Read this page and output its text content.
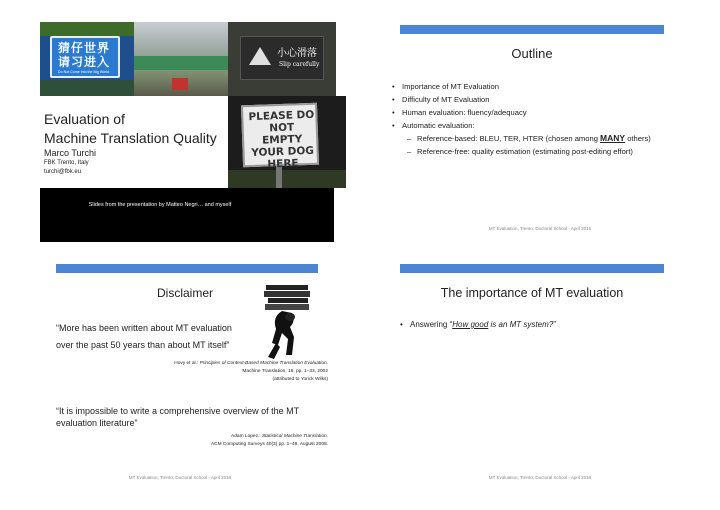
猜仔世界
请习进入
Do Not Come into the Big World
小心滑落
Slip carefully
PLEASE DO
NOT EMPTY
YOUR DOG
HERE
Evaluation of
Machine Translation Quality
Marco Turchi
FBK Trento, Italy
turchi@fbk.eu
Slides from the presentation by Matteo Negri… and myself
Outline
• Importance of MT Evaluation
• Difficulty of MT Evaluation
• Human evaluation: fluency/adequacy
• Automatic evaluation:
– Reference-based: BLEU, TER, HTER (chosen among MANY others)
– Reference-free: quality estimation (estimating post-editing effort)
MT Evaluation, Trento, Doctoral School - April 2016
Disclaimer
“More has been written about MT evaluation
over the past 50 years than about MT itself”
Hovy et al.: Principles of Context-Based Machine Translation Evaluation.
Machine Translation, 16, pp. 1–33, 2002
(attributed to Yorick Wilks)
“It is impossible to write a comprehensive overview of the MT evaluation literature”
Adam Lopez.: Statistical Machine Translation.
ACM Computing Surveys 40(3) pp. 1–49, August 2008.
MT Evaluation, Trento, Doctoral School - April 2016
The importance of MT evaluation
• Answering “How good is an MT system?”
MT Evaluation, Trento, Doctoral School - April 2016
